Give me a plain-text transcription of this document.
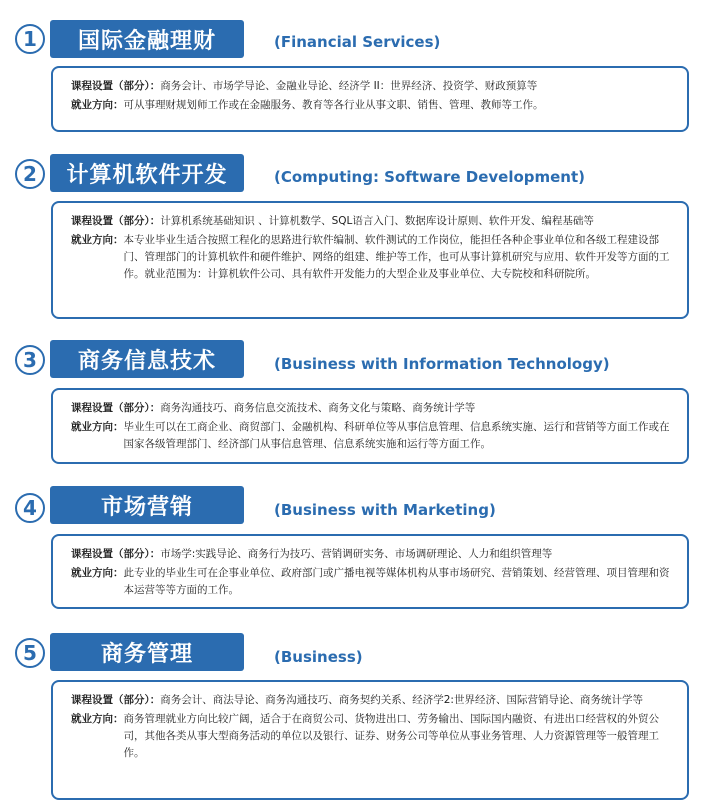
1	国际金融理财	(Financial Services)
课程设置（部分）： 商务会计、市场学导论、金融业导论、经济学 II：世界经济、投资学、财政预算等
就业方向： 可从事理财规划师工作或在金融服务、教育等各行业从事文职、销售、管理、教师等工作。
2	计算机软件开发	(Computing: Software Development)
课程设置（部分）： 计算机系统基础知识 、计算机数学、SQL语言入门、数据库设计原则、软件开发、编程基础等
就业方向： 本专业毕业生适合按照工程化的思路进行软件编制、软件测试的工作岗位，能担任各种企事业单位和各级工程建设部门、管理部门的计算机软件和硬件维护、网络的组建、维护等工作，也可从事计算机研究与应用、软件开发等方面的工作。就业范围为：计算机软件公司、具有软件开发能力的大型企业及事业单位、大专院校和科研院所。
3	商务信息技术	(Business with Information Technology)
课程设置（部分）： 商务沟通技巧、商务信息交流技术、商务文化与策略、商务统计学等
就业方向： 毕业生可以在工商企业、商贸部门、金融机构、科研单位等从事信息管理、信息系统实施、运行和营销等方面工作或在国家各级管理部门、经济部门从事信息管理、信息系统实施和运行等方面工作。
4	市场营销	(Business with Marketing)
课程设置（部分）： 市场学:实践导论、商务行为技巧、营销调研实务、市场调研理论、人力和组织管理等
就业方向： 此专业的毕业生可在企事业单位、政府部门或广播电视等媒体机构从事市场研究、营销策划、经营管理、项目管理和资本运营等等方面的工作。
5	商务管理	(Business)
课程设置（部分）： 商务会计、商法导论、商务沟通技巧、商务契约关系、经济学2:世界经济、国际营销导论、商务统计学等
就业方向： 商务管理就业方向比较广阔，适合于在商贸公司、货物进出口、劳务输出、国际国内融资、有进出口经营权的外贸公司，其他各类从事大型商务活动的单位以及银行、证券、财务公司等单位从事业务管理、人力资源管理等一般管理工作。
